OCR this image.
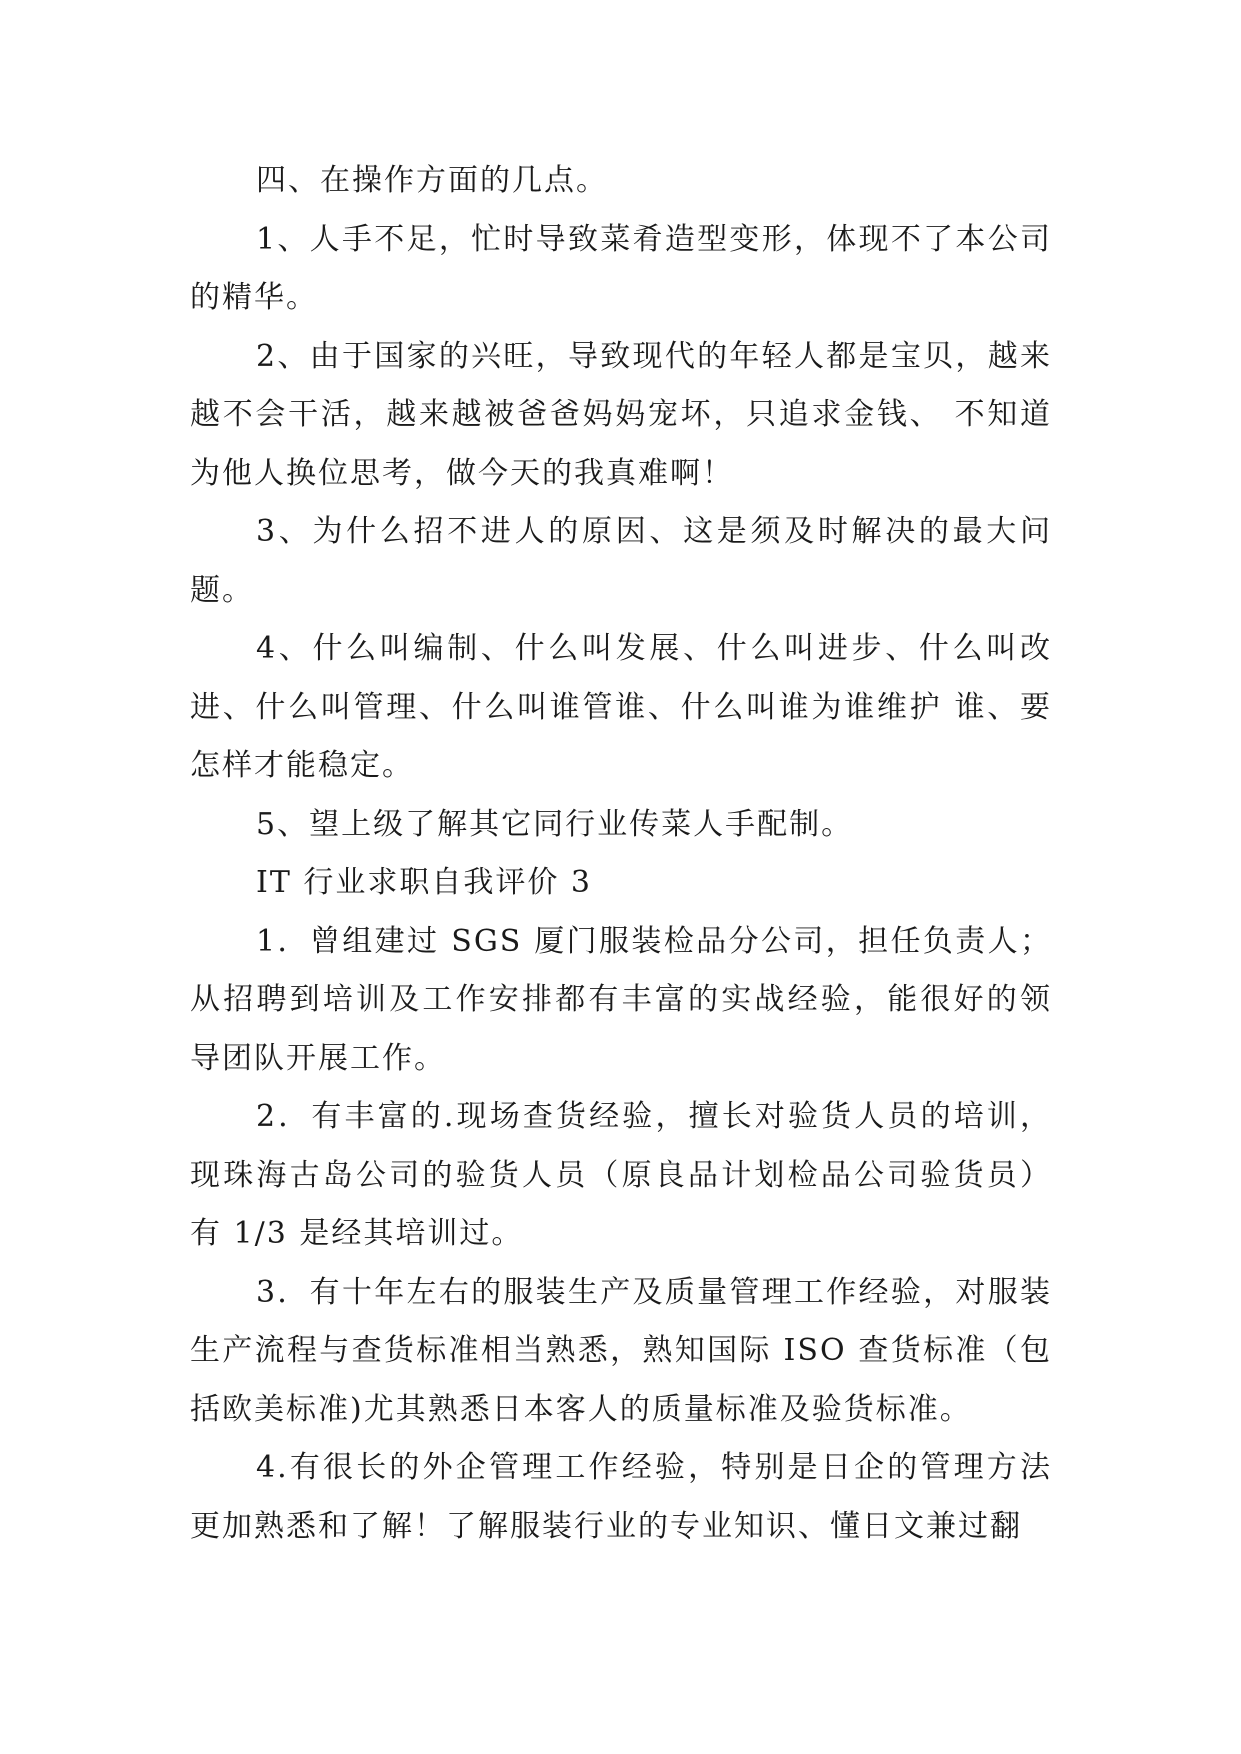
四、在操作方面的几点。

1、人手不足，忙时导致菜肴造型变形，体现不了本公司的精华。

2、由于国家的兴旺，导致现代的年轻人都是宝贝，越来越不会干活，越来越被爸爸妈妈宠坏，只追求金钱、 不知道为他人换位思考，做今天的我真难啊！

3、为什么招不进人的原因、这是须及时解决的最大问题。

4、什么叫编制、什么叫发展、什么叫进步、什么叫改进、什么叫管理、什么叫谁管谁、什么叫谁为谁维护 谁、要怎样才能稳定。

5、望上级了解其它同行业传菜人手配制。

IT 行业求职自我评价 3

1．曾组建过 SGS 厦门服装检品分公司，担任负责人；从招聘到培训及工作安排都有丰富的实战经验，能很好的领导团队开展工作。

2．有丰富的.现场查货经验，擅长对验货人员的培训，现珠海古岛公司的验货人员（原良品计划检品公司验货员）有 1/3 是经其培训过。

3．有十年左右的服装生产及质量管理工作经验，对服装生产流程与查货标准相当熟悉，熟知国际 ISO 查货标准（包括欧美标准)尤其熟悉日本客人的质量标准及验货标准。

4.有很长的外企管理工作经验，特别是日企的管理方法更加熟悉和了解！了解服装行业的专业知识、懂日文兼过翻
